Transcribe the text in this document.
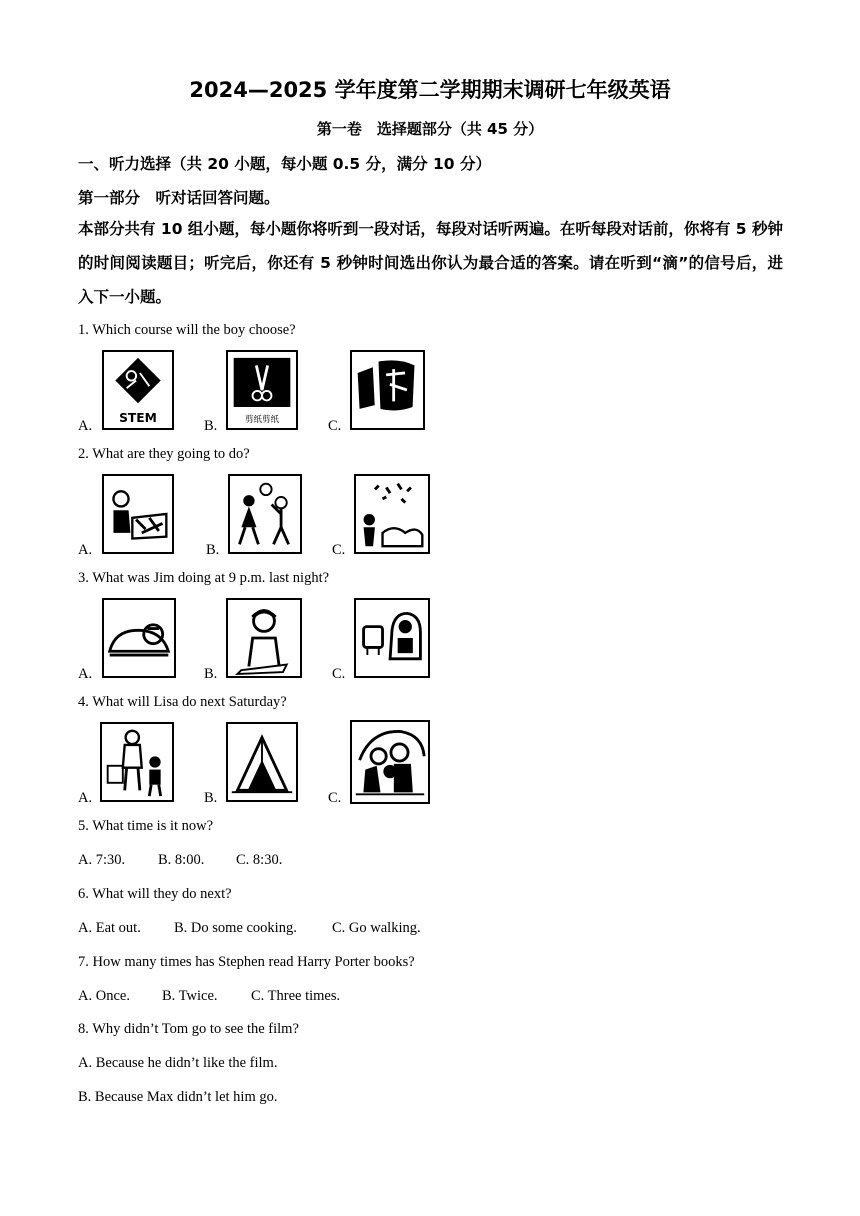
2024—2025 学年度第二学期期末调研七年级英语
第一卷　选择题部分（共 45 分）
一、听力选择（共 20 小题，每小题 0.5 分，满分 10 分）
第一部分　听对话回答问题。
本部分共有 10 组小题，每小题你将听到一段对话，每段对话听两遍。在听每段对话前，你将有 5 秒钟的时间阅读题目；听完后，你还有 5 秒钟时间选出你认为最合适的答案。请在听到“滴”的信号后，进入下一小题。
1. Which course will the boy choose?
A. STEM	B.	剪纸剪纸	C.
2. What are they going to do?
A.	B.	C.
3. What was Jim doing at 9 p.m. last night?
A.	B.	C.
4. What will Lisa do next Saturday?
A.	B.	C.
5. What time is it now?
A. 7:30. B. 8:00. C. 8:30.
6. What will they do next?
A. Eat out. B. Do some cooking. C. Go walking.
7. How many times has Stephen read Harry Porter books?
A. Once. B. Twice. C. Three times.
8. Why didn’t Tom go to see the film?
A. Because he didn’t like the film.
B. Because Max didn’t let him go.
